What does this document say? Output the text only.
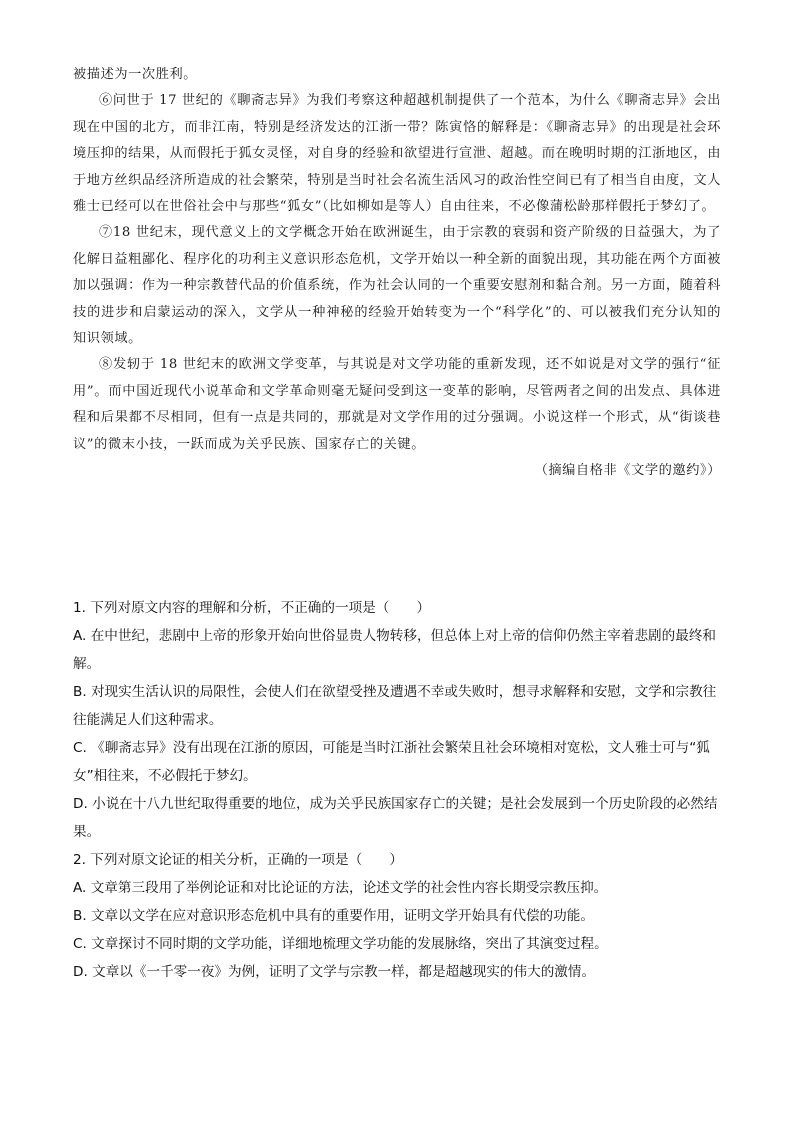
被描述为一次胜利。

⑥问世于 17 世纪的《聊斋志异》为我们考察这种超越机制提供了一个范本，为什么《聊斋志异》会出现在中国的北方，而非江南，特别是经济发达的江浙一带？陈寅恪的解释是：《聊斋志异》的出现是社会环境压抑的结果，从而假托于狐女灵怪，对自身的经验和欲望进行宣泄、超越。而在晚明时期的江浙地区，由于地方丝织品经济所造成的社会繁荣，特别是当时社会名流生活风习的政治性空间已有了相当自由度，文人雅士已经可以在世俗社会中与那些“狐女”（比如柳如是等人）自由往来，不必像蒲松龄那样假托于梦幻了。

⑦18 世纪末，现代意义上的文学概念开始在欧洲诞生，由于宗教的衰弱和资产阶级的日益强大，为了化解日益粗鄙化、程序化的功利主义意识形态危机，文学开始以一种全新的面貌出现，其功能在两个方面被加以强调：作为一种宗教替代品的价值系统，作为社会认同的一个重要安慰剂和黏合剂。另一方面，随着科技的进步和启蒙运动的深入，文学从一种神秘的经验开始转变为一个“科学化”的、可以被我们充分认知的知识领域。

⑧发轫于 18 世纪末的欧洲文学变革，与其说是对文学功能的重新发现，还不如说是对文学的强行“征用”。而中国近现代小说革命和文学革命则毫无疑问受到这一变革的影响，尽管两者之间的出发点、具体进程和后果都不尽相同，但有一点是共同的，那就是对文学作用的过分强调。小说这样一个形式，从“街谈巷议”的微末小技，一跃而成为关乎民族、国家存亡的关键。

（摘编自格非《文学的邀约》）

1. 下列对原文内容的理解和分析，不正确的一项是（　　）

A. 在中世纪，悲剧中上帝的形象开始向世俗显贵人物转移，但总体上对上帝的信仰仍然主宰着悲剧的最终和解。

B. 对现实生活认识的局限性，会使人们在欲望受挫及遭遇不幸或失败时，想寻求解释和安慰，文学和宗教往往能满足人们这种需求。

C. 《聊斋志异》没有出现在江浙的原因，可能是当时江浙社会繁荣且社会环境相对宽松，文人雅士可与“狐女”相往来，不必假托于梦幻。

D. 小说在十八九世纪取得重要的地位，成为关乎民族国家存亡的关键；是社会发展到一个历史阶段的必然结果。

2. 下列对原文论证的相关分析，正确的一项是（　　）

A. 文章第三段用了举例论证和对比论证的方法，论述文学的社会性内容长期受宗教压抑。

B. 文章以文学在应对意识形态危机中具有的重要作用，证明文学开始具有代偿的功能。

C. 文章探讨不同时期的文学功能，详细地梳理文学功能的发展脉络，突出了其演变过程。

D. 文章以《一千零一夜》为例，证明了文学与宗教一样，都是超越现实的伟大的激情。
